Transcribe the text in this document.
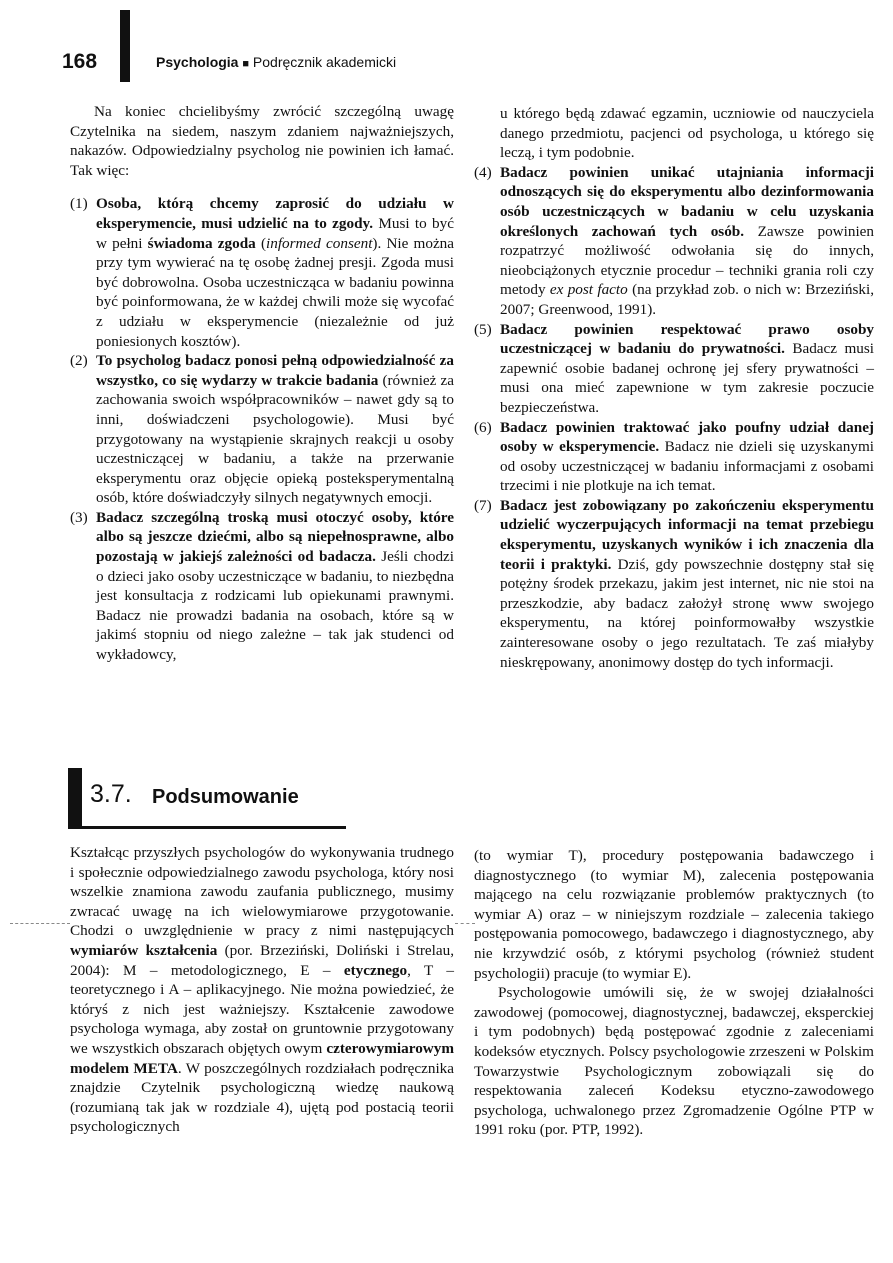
168	Psychologia ■ Podręcznik akademicki

Na koniec chcielibyśmy zwrócić szczególną uwagę Czytelnika na siedem, naszym zdaniem najważniejszych, nakazów. Odpowiedzialny psycholog nie powinien ich łamać. Tak więc:

(1) Osoba, którą chcemy zaprosić do udziału w eksperymencie, musi udzielić na to zgody. Musi to być w pełni świadoma zgoda (informed consent). Nie można przy tym wywierać na tę osobę żadnej presji. Zgoda musi być dobrowolna. Osoba uczestnicząca w badaniu powinna być poinformowana, że w każdej chwili może się wycofać z udziału w eksperymencie (niezależnie od już poniesionych kosztów).
(2) To psycholog badacz ponosi pełną odpowiedzialność za wszystko, co się wydarzy w trakcie badania (również za zachowania swoich współpracowników – nawet gdy są to inni, doświadczeni psychologowie). Musi być przygotowany na wystąpienie skrajnych reakcji u osoby uczestniczącej w badaniu, a także na przerwanie eksperymentu oraz objęcie opieką posteksperymentalną osób, które doświadczyły silnych negatywnych emocji.
(3) Badacz szczególną troską musi otoczyć osoby, które albo są jeszcze dziećmi, albo są niepełnosprawne, albo pozostają w jakiejś zależności od badacza. Jeśli chodzi o dzieci jako osoby uczestniczące w badaniu, to niezbędna jest konsultacja z rodzicami lub opiekunami prawnymi. Badacz nie prowadzi badania na osobach, które są w jakimś stopniu od niego zależne – tak jak studenci od wykładowcy,

u którego będą zdawać egzamin, uczniowie od nauczyciela danego przedmiotu, pacjenci od psychologa, u którego się leczą, i tym podobnie.

(4) Badacz powinien unikać utajniania informacji odnoszących się do eksperymentu albo dezinformowania osób uczestniczących w badaniu w celu uzyskania określonych zachowań tych osób. Zawsze powinien rozpatrzyć możliwość odwołania się do innych, nieobciążonych etycznie procedur – techniki grania roli czy metody ex post facto (na przykład zob. o nich w: Brzeziński, 2007; Greenwood, 1991).
(5) Badacz powinien respektować prawo osoby uczestniczącej w badaniu do prywatności. Badacz musi zapewnić osobie badanej ochronę jej sfery prywatności – musi ona mieć zapewnione w tym zakresie poczucie bezpieczeństwa.
(6) Badacz powinien traktować jako poufny udział danej osoby w eksperymencie. Badacz nie dzieli się uzyskanymi od osoby uczestniczącej w badaniu informacjami z osobami trzecimi i nie plotkuje na ich temat.
(7) Badacz jest zobowiązany po zakończeniu eksperymentu udzielić wyczerpujących informacji na temat przebiegu eksperymentu, uzyskanych wyników i ich znaczenia dla teorii i praktyki. Dziś, gdy powszechnie dostępny stał się potężny środek przekazu, jakim jest internet, nic nie stoi na przeszkodzie, aby badacz założył stronę www swojego eksperymentu, na której poinformowałby wszystkie zainteresowane osoby o jego rezultatach. Te zaś miałyby nieskrępowany, anonimowy dostęp do tych informacji.
3.7. Podsumowanie

Kształcąc przyszłych psychologów do wykonywania trudnego i społecznie odpowiedzialnego zawodu psychologa, który nosi wszelkie znamiona zawodu zaufania publicznego, musimy zwracać uwagę na ich wielowymiarowe przygotowanie. Chodzi o uwzględnienie w pracy z nimi następujących wymiarów kształcenia (por. Brzeziński, Doliński i Strelau, 2004): M – metodologicznego, E – etycznego, T – teoretycznego i A – aplikacyjnego. Nie można powiedzieć, że któryś z nich jest ważniejszy. Kształcenie zawodowe psychologa wymaga, aby został on gruntownie przygotowany we wszystkich obszarach objętych owym czterowymiarowym modelem META. W poszczególnych rozdziałach podręcznika znajdzie Czytelnik psychologiczną wiedzę naukową (rozumianą tak jak w rozdziale 4), ujętą pod postacią teorii psychologicznych

(to wymiar T), procedury postępowania badawczego i diagnostycznego (to wymiar M), zalecenia postępowania mającego na celu rozwiązanie problemów praktycznych (to wymiar A) oraz – w niniejszym rozdziale – zalecenia takiego postępowania pomocowego, badawczego i diagnostycznego, aby nie krzywdzić osób, z którymi psycholog (również student psychologii) pracuje (to wymiar E).

Psychologowie umówili się, że w swojej działalności zawodowej (pomocowej, diagnostycznej, badawczej, eksperckiej i tym podobnych) będą postępować zgodnie z zaleceniami kodeksów etycznych. Polscy psychologowie zrzeszeni w Polskim Towarzystwie Psychologicznym zobowiązali się do respektowania zaleceń Kodeksu etyczno-zawodowego psychologa, uchwalonego przez Zgromadzenie Ogólne PTP w 1991 roku (por. PTP, 1992).
